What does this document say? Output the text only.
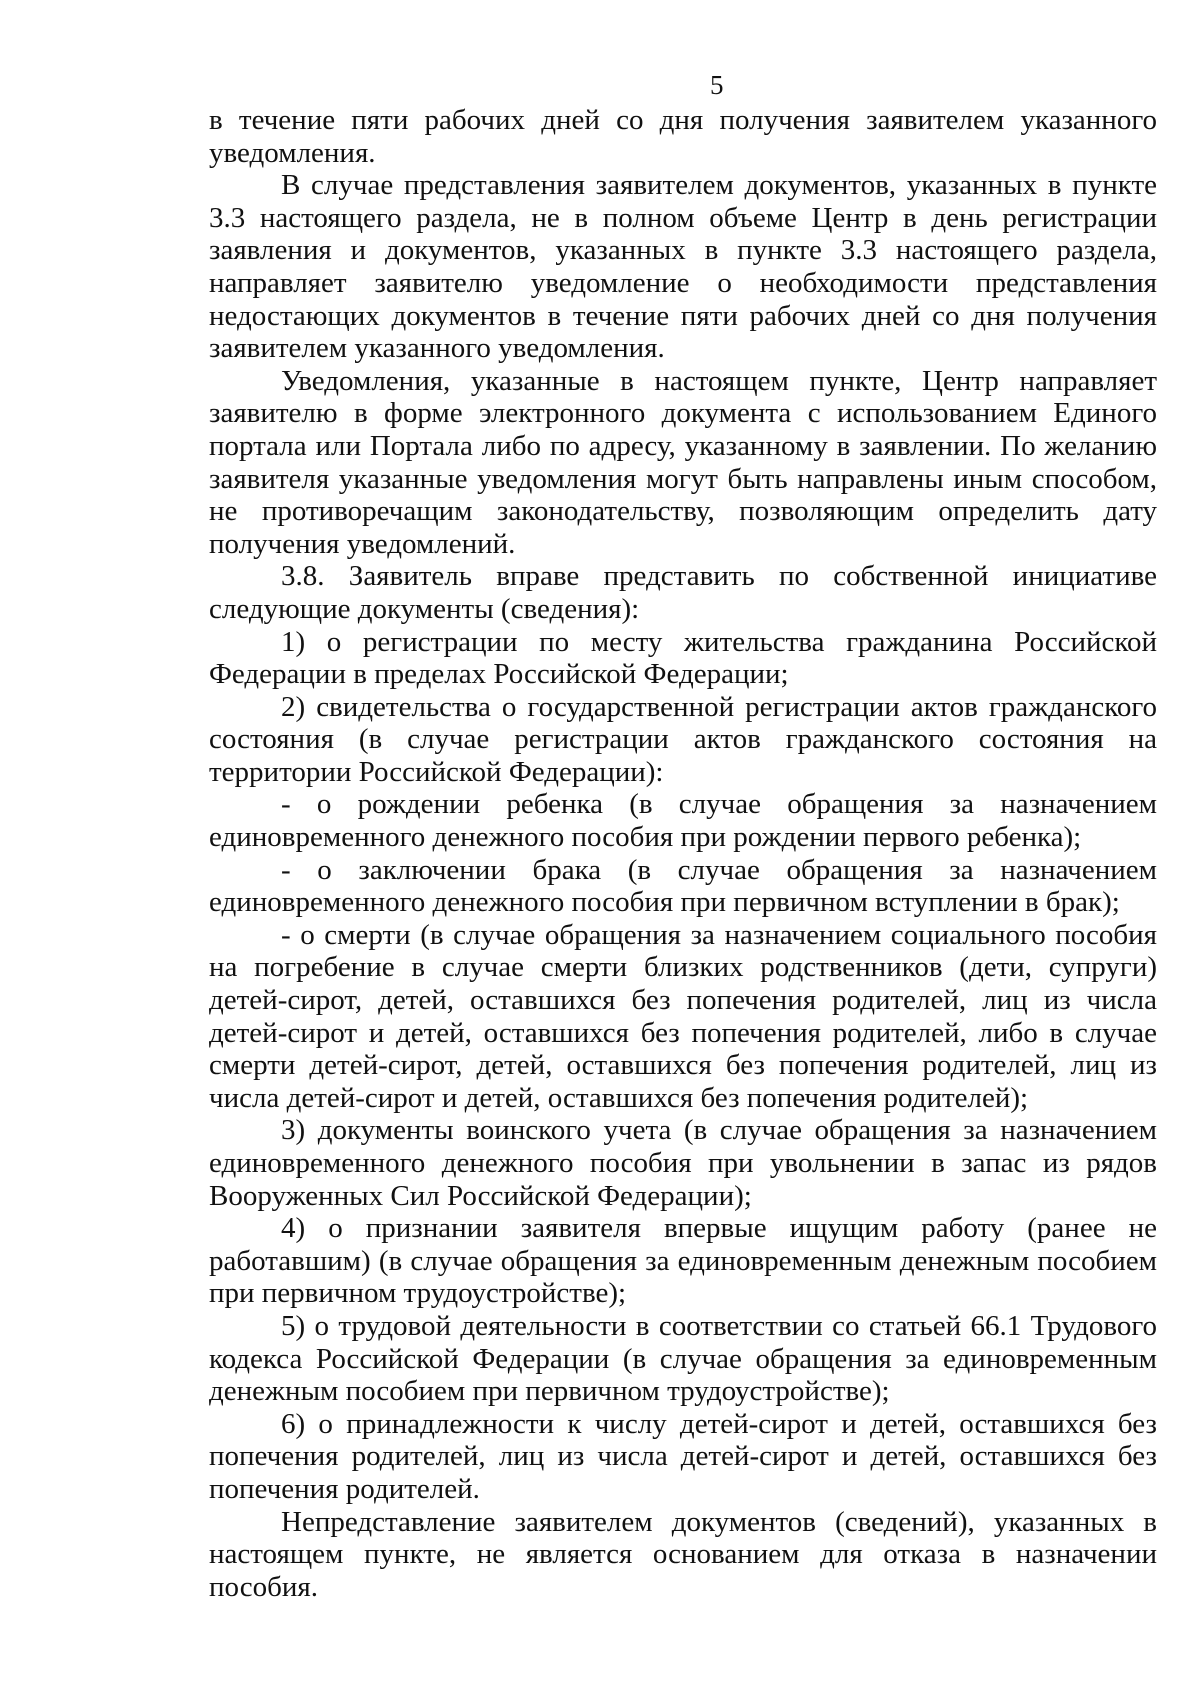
5

в течение пяти рабочих дней со дня получения заявителем указанного уведомления.

В случае представления заявителем документов, указанных в пункте 3.3 настоящего раздела, не в полном объеме Центр в день регистрации заявления и документов, указанных в пункте 3.3 настоящего раздела, направляет заявителю уведомление о необходимости представления недостающих документов в течение пяти рабочих дней со дня получения заявителем указанного уведомления.

Уведомления, указанные в настоящем пункте, Центр направляет заявителю в форме электронного документа с использованием Единого портала или Портала либо по адресу, указанному в заявлении. По желанию заявителя указанные уведомления могут быть направлены иным способом, не противоречащим законодательству, позволяющим определить дату получения уведомлений.

3.8. Заявитель вправе представить по собственной инициативе следующие документы (сведения):

1) о регистрации по месту жительства гражданина Российской Федерации в пределах Российской Федерации;

2) свидетельства о государственной регистрации актов гражданского состояния (в случае регистрации актов гражданского состояния на территории Российской Федерации):

- о рождении ребенка (в случае обращения за назначением единовременного денежного пособия при рождении первого ребенка);

- о заключении брака (в случае обращения за назначением единовременного денежного пособия при первичном вступлении в брак);

- о смерти (в случае обращения за назначением социального пособия на погребение в случае смерти близких родственников (дети, супруги) детей-сирот, детей, оставшихся без попечения родителей, лиц из числа детей-сирот и детей, оставшихся без попечения родителей, либо в случае смерти детей-сирот, детей, оставшихся без попечения родителей, лиц из числа детей-сирот и детей, оставшихся без попечения родителей);

3) документы воинского учета (в случае обращения за назначением единовременного денежного пособия при увольнении в запас из рядов Вооруженных Сил Российской Федерации);

4) о признании заявителя впервые ищущим работу (ранее не работавшим) (в случае обращения за единовременным денежным пособием при первичном трудоустройстве);

5) о трудовой деятельности в соответствии со статьей 66.1 Трудового кодекса Российской Федерации (в случае обращения за единовременным денежным пособием при первичном трудоустройстве);

6) о принадлежности к числу детей-сирот и детей, оставшихся без попечения родителей, лиц из числа детей-сирот и детей, оставшихся без попечения родителей.

Непредставление заявителем документов (сведений), указанных в настоящем пункте, не является основанием для отказа в назначении пособия.
